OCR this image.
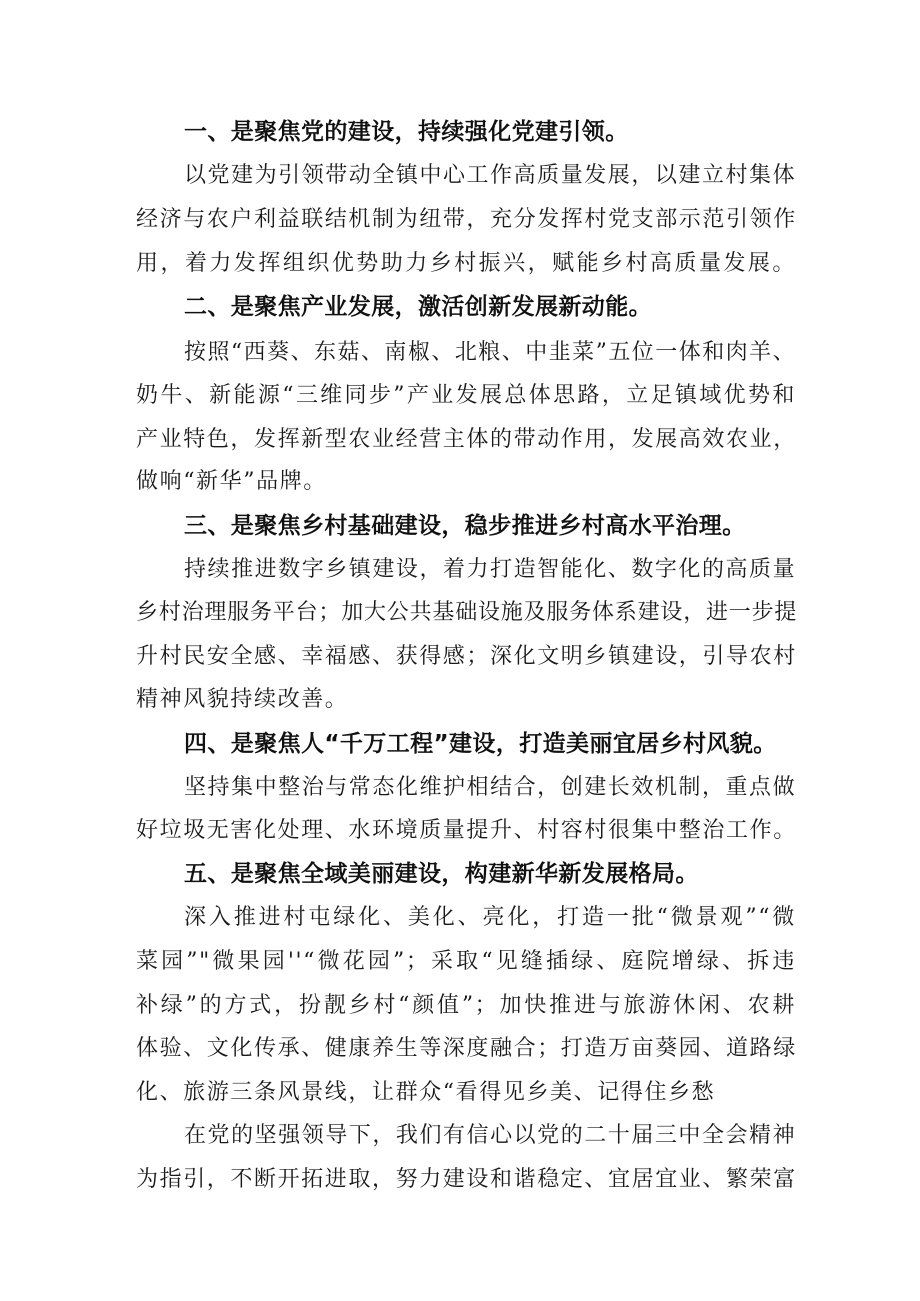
一、是聚焦党的建设，持续强化党建引领。
以党建为引领带动全镇中心工作高质量发展，以建立村集体
经济与农户利益联结机制为纽带，充分发挥村党支部示范引领作
用，着力发挥组织优势助力乡村振兴，赋能乡村高质量发展。
二、是聚焦产业发展，激活创新发展新动能。
按照“西葵、东菇、南椒、北粮、中韭菜”五位一体和肉羊、
奶牛、新能源“三维同步”产业发展总体思路，立足镇域优势和
产业特色，发挥新型农业经营主体的带动作用，发展高效农业，
做响“新华”品牌。
三、是聚焦乡村基础建设，稳步推进乡村高水平治理。
持续推进数字乡镇建设，着力打造智能化、数字化的高质量
乡村治理服务平台；加大公共基础设施及服务体系建设，进一步提
升村民安全感、幸福感、获得感；深化文明乡镇建设，引导农村
精神风貌持续改善。
四、是聚焦人“千万工程”建设，打造美丽宜居乡村风貌。
坚持集中整治与常态化维护相结合，创建长效机制，重点做
好垃圾无害化处理、水环境质量提升、村容村很集中整治工作。
五、是聚焦全域美丽建设，构建新华新发展格局。
深入推进村屯绿化、美化、亮化，打造一批“微景观”“微
菜园”"微果园''“微花园”；采取“见缝插绿、庭院增绿、拆违
补绿”的方式，扮靓乡村“颜值”；加快推进与旅游休闲、农耕
体验、文化传承、健康养生等深度融合；打造万亩葵园、道路绿
化、旅游三条风景线，让群众“看得见乡美、记得住乡愁
在党的坚强领导下，我们有信心以党的二十届三中全会精神
为指引，不断开拓进取，努力建设和谐稳定、宜居宜业、繁荣富
